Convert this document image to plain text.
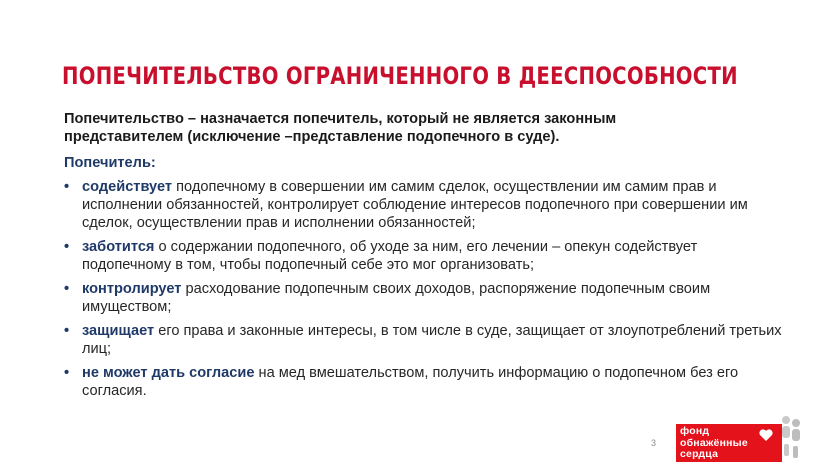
ПОПЕЧИТЕЛЬСТВО ОГРАНИЧЕННОГО В ДЕЕСПОСОБНОСТИ

Попечительство – назначается попечитель, который не является законным
представителем (исключение –представление подопечного в суде).

Попечитель:

• содействует подопечному в совершении им самим сделок, осуществлении им самим прав и исполнении обязанностей, контролирует соблюдение интересов подопечного при совершении им сделок, осуществлении прав и исполнении обязанностей;
• заботится о содержании подопечного, об уходе за ним, его лечении – опекун содействует подопечному в том, чтобы подопечный себе это мог организовать;
• контролирует расходование подопечным своих доходов, распоряжение подопечным своим имуществом;
• защищает его права и законные интересы, в том числе в суде, защищает от злоупотреблений третьих лиц;
• не может дать согласие на мед вмешательством, получить информацию о подопечном без его согласия.
3

фонд
обнажённые
сердца
